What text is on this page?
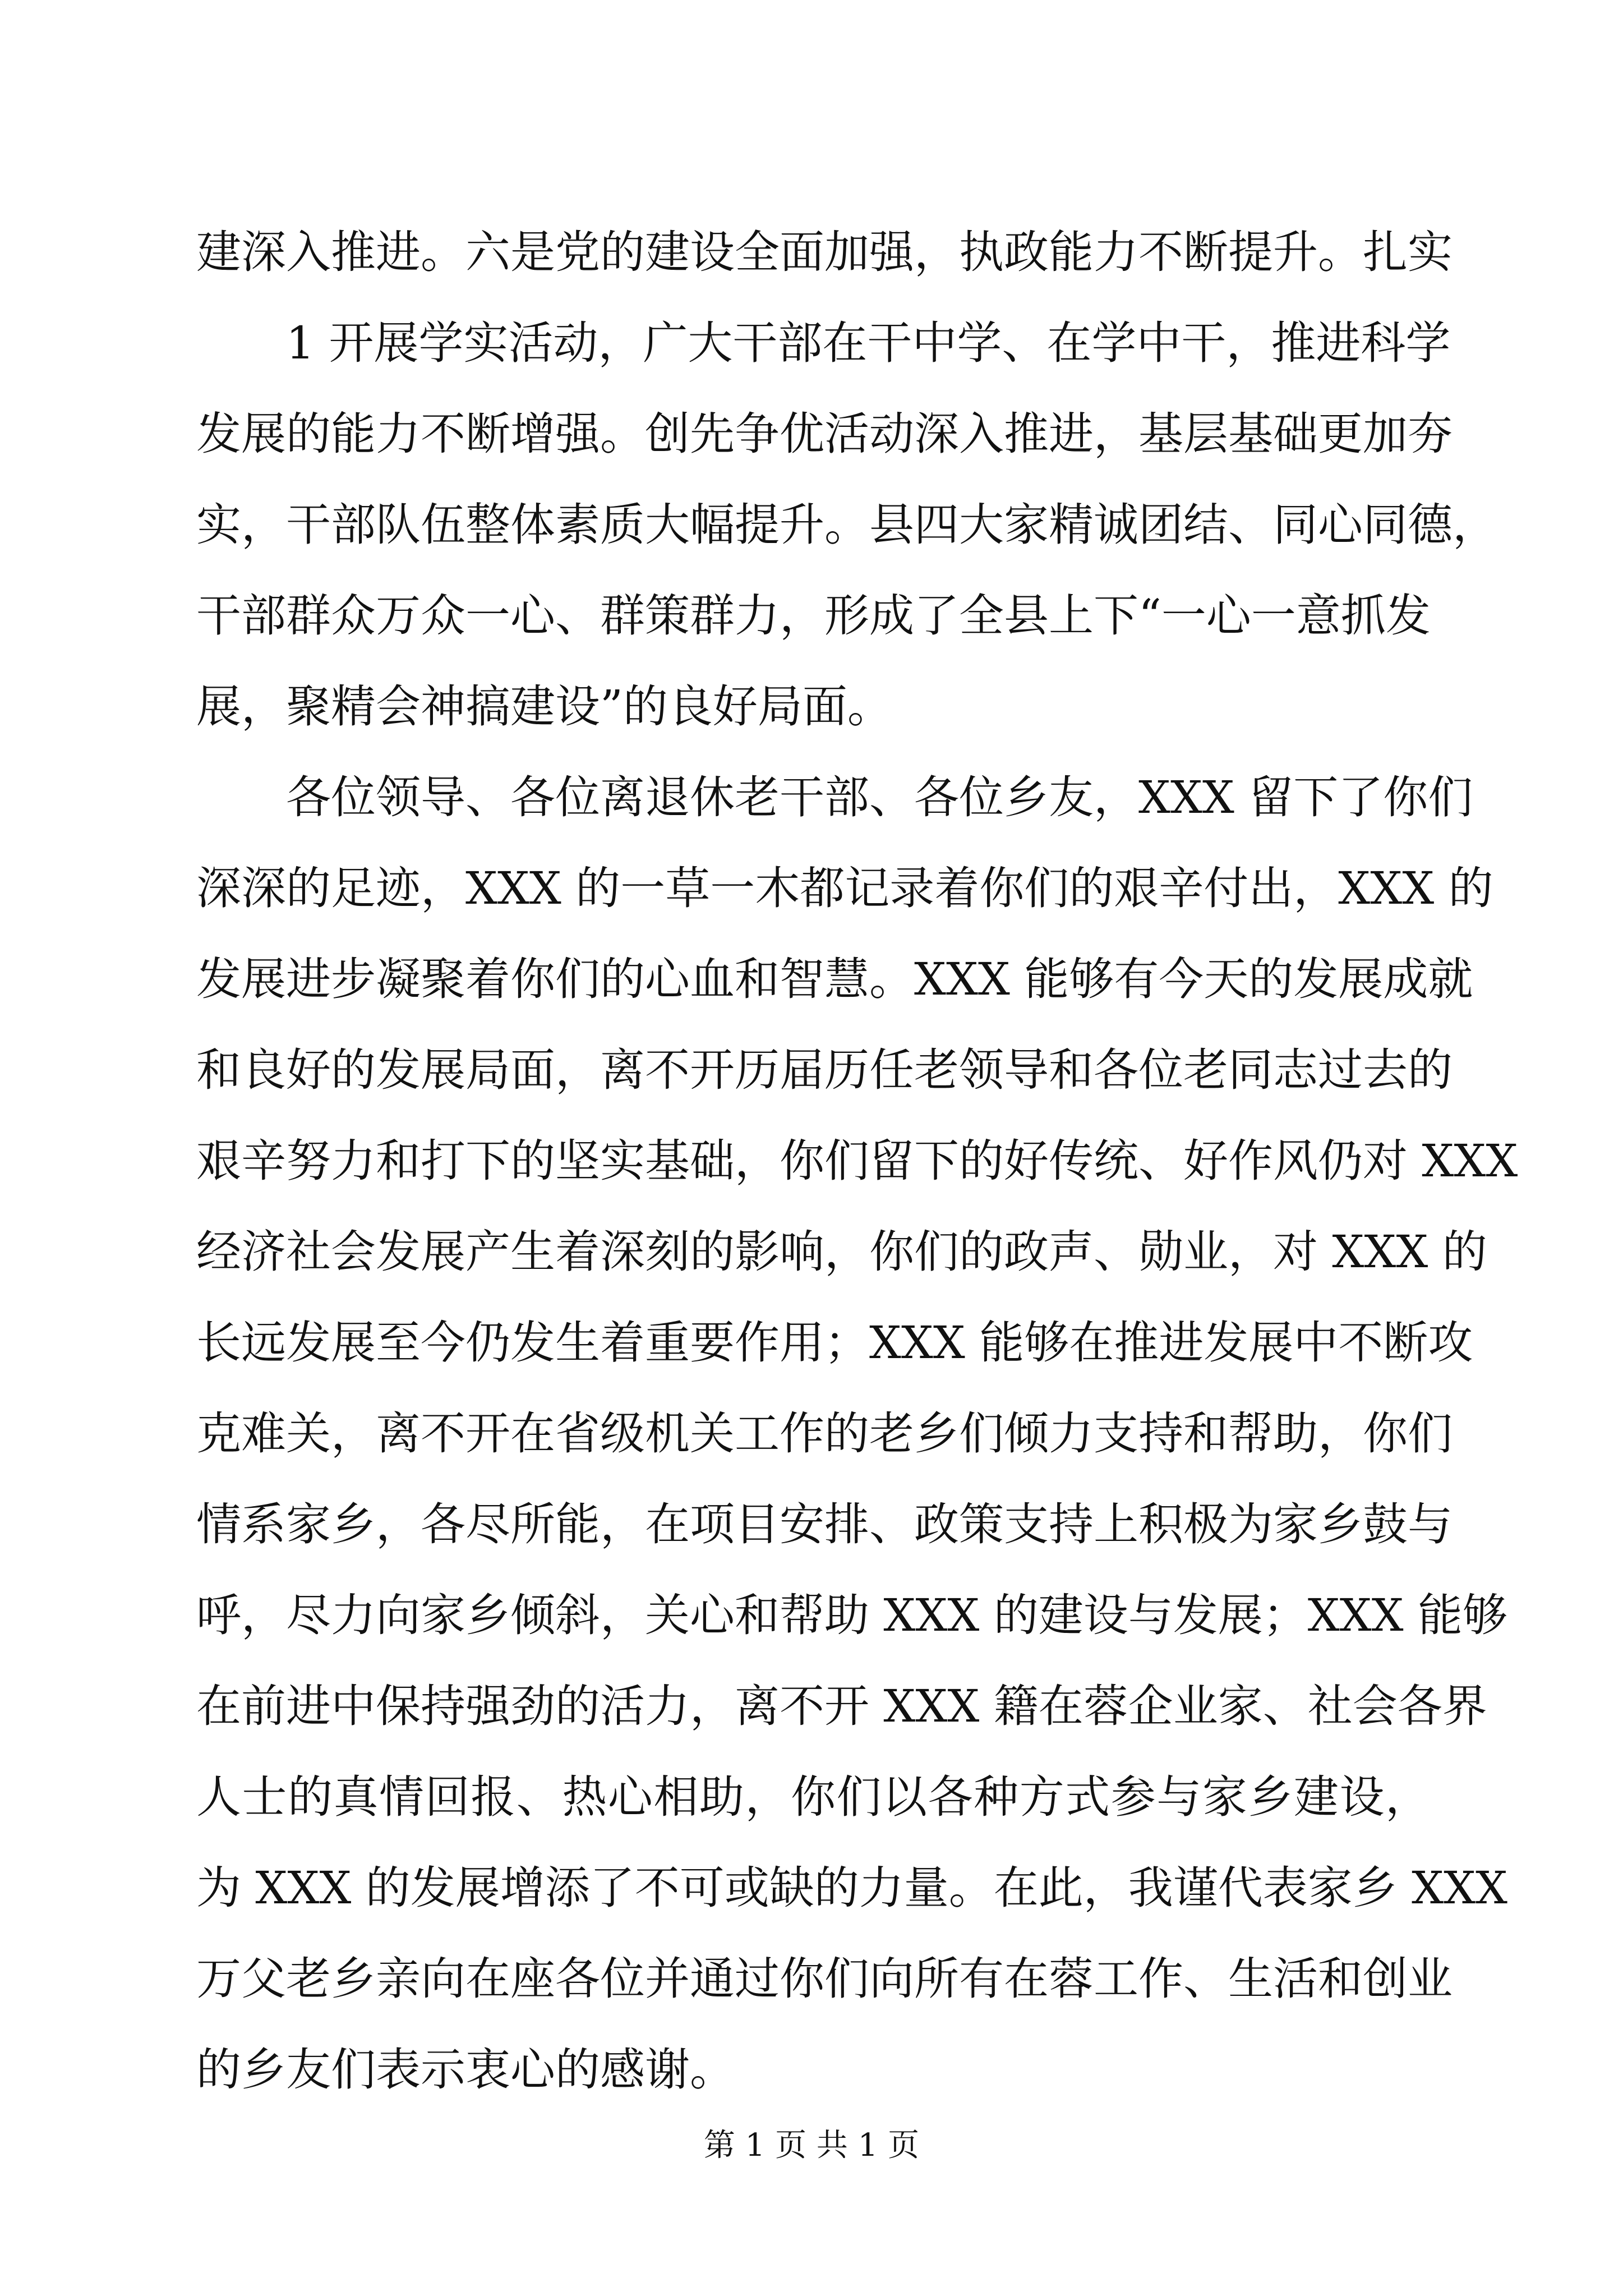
建深入推进。六是党的建设全面加强，执政能力不断提升。扎实
1 开展学实活动，广大干部在干中学、在学中干，推进科学
发展的能力不断增强。创先争优活动深入推进，基层基础更加夯
实，干部队伍整体素质大幅提升。县四大家精诚团结、同心同德，
干部群众万众一心、群策群力，形成了全县上下“一心一意抓发
展，聚精会神搞建设”的良好局面。
各位领导、各位离退休老干部、各位乡友，XXX 留下了你们
深深的足迹，XXX 的一草一木都记录着你们的艰辛付出，XXX 的
发展进步凝聚着你们的心血和智慧。XXX 能够有今天的发展成就
和良好的发展局面，离不开历届历任老领导和各位老同志过去的
艰辛努力和打下的坚实基础，你们留下的好传统、好作风仍对 XXX
经济社会发展产生着深刻的影响，你们的政声、勋业，对 XXX 的
长远发展至今仍发生着重要作用；XXX 能够在推进发展中不断攻
克难关，离不开在省级机关工作的老乡们倾力支持和帮助，你们
情系家乡，各尽所能，在项目安排、政策支持上积极为家乡鼓与
呼，尽力向家乡倾斜，关心和帮助 XXX 的建设与发展；XXX 能够
在前进中保持强劲的活力，离不开 XXX 籍在蓉企业家、社会各界
人士的真情回报、热心相助，你们以各种方式参与家乡建设，
为 XXX 的发展增添了不可或缺的力量。在此，我谨代表家乡 XXX
万父老乡亲向在座各位并通过你们向所有在蓉工作、生活和创业
的乡友们表示衷心的感谢。
第 1 页 共 1 页
